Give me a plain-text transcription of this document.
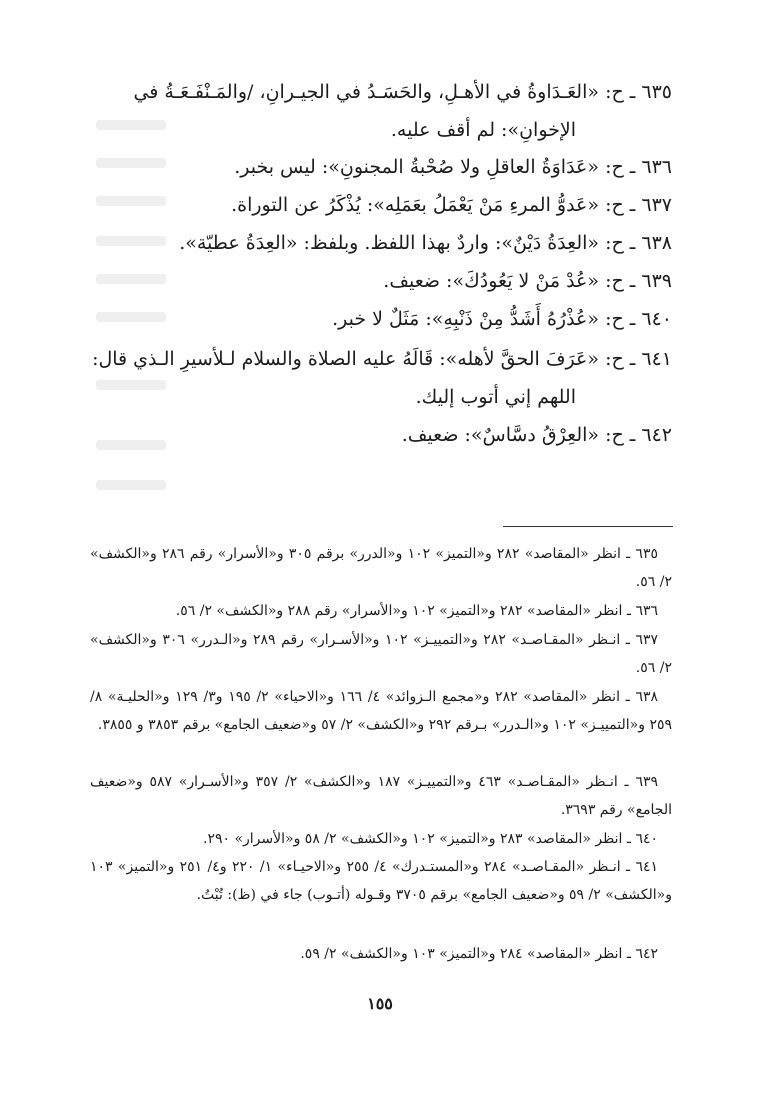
٦٣٥ ـ ح: «العَـدَاوةُ في الأهـلِ، والحَسَـدُ في الجيـرانِ، /والمَـنْفَـعَـةُ في
الإخوانِ»: لم أقف عليه.
٦٣٦ ـ ح: «عَدَاوَةُ العاقلِ ولا صُحْبةُ المجنونِ»: ليس بخبر.
٦٣٧ ـ ح: «عَدوُّ المرءِ مَنْ يَعْمَلُ بعَمَلِه»: يُذْكَرُ عن التوراة.
٦٣٨ ـ ح: «العِدَةُ دَيْنٌ»: واردٌ بهذا اللفظ. وبلفظ: «العِدَةُ عطيّة».
٦٣٩ ـ ح: «عُدْ مَنْ لا يَعُودُكَ»: ضعيف.
٦٤٠ ـ ح: «عُذْرُهُ أَشَدُّ مِنْ ذَنْبِهِ»: مَثَلٌ لا خبر.
٦٤١ ـ ح: «عَرَفَ الحقَّ لأهله»: قَالَهُ عليه الصلاة والسلام لـلأسيرِ الـذي قال:
اللهم إني أتوب إليك.
٦٤٢ ـ ح: «العِرْقُ دسَّاسٌ»: ضعيف.
٦٣٥ ـ انظر «المقاصد» ٢٨٢ و«التميز» ١٠٢ و«الدرر» برقم ٣٠٥ و«الأسرار» رقم ٢٨٦ و«الكشف» ٢/ ٥٦.
٦٣٦ ـ انظر «المقاصد» ٢٨٢ و«التميز» ١٠٢ و«الأسرار» رقم ٢٨٨ و«الكشف» ٢/ ٥٦.
٦٣٧ ـ انـظر «المقـاصـد» ٢٨٢ و«التمييـز» ١٠٢ و«الأسـرار» رقم ٢٨٩ و«الـدرر» ٣٠٦ و«الكشف» ٢/ ٥٦.
٦٣٨ ـ انظر «المقاصد» ٢٨٢ و«مجمع الـزوائد» ٤/ ١٦٦ و«الاحياء» ٢/ ١٩٥ و٣/ ١٢٩ و«الحليـة» ٨/ ٢٥٩ و«التمييـز» ١٠٢ و«الـدرر» بـرقم ٢٩٢ و«الكشف» ٢/ ٥٧ و«ضعيف الجامع» برقم ٣٨٥٣ و ٣٨٥٥.
٦٣٩ ـ انـظر «المقـاصـد» ٤٦٣ و«التمييـز» ١٨٧ و«الكشف» ٢/ ٣٥٧ و«الأسـرار» ٥٨٧ و«ضعيف الجامع» رقم ٣٦٩٣.
٦٤٠ ـ انظر «المقاصد» ٢٨٣ و«التميز» ١٠٢ و«الكشف» ٢/ ٥٨ و«الأسرار» ٢٩٠.
٦٤١ ـ انـظر «المقـاصـد» ٢٨٤ و«المستـدرك» ٤/ ٢٥٥ و«الاحيـاء» ١/ ٢٢٠ و٤/ ٢٥١ و«التميز» ١٠٣ و«الكشف» ٢/ ٥٩ و«ضعيف الجامع» برقم ٣٧٠٥ وقـوله (أتـوب) جاء في (ظ): تُبْتُ.
٦٤٢ ـ انظر «المقاصد» ٢٨٤ و«التميز» ١٠٣ و«الكشف» ٢/ ٥٩.
١٥٥
